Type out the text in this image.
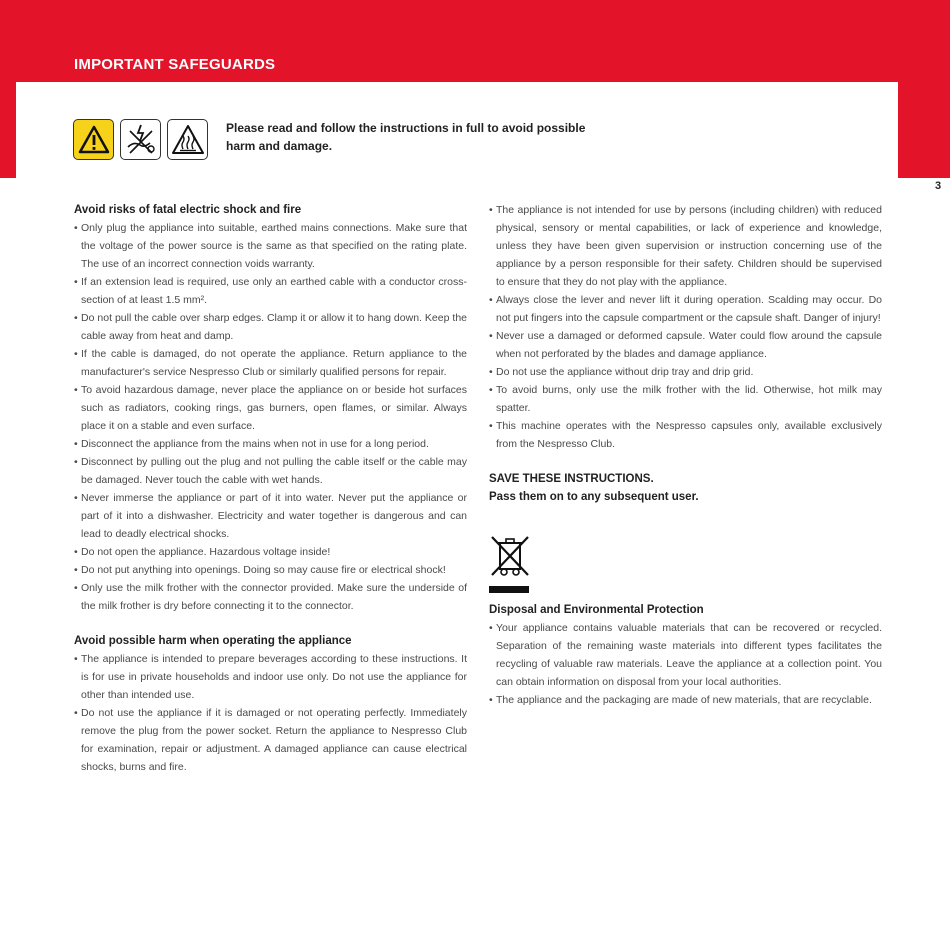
IMPORTANT SAFEGUARDS
3
Please read and follow the instructions in full to avoid possible harm and damage.
Avoid risks of fatal electric shock and fire
• Only plug the appliance into suitable, earthed mains connections. Make sure that the voltage of the power source is the same as that specified on the rating plate. The use of an incorrect connection voids warranty.
• If an extension lead is required, use only an earthed cable with a conductor cross-section of at least 1.5 mm².
• Do not pull the cable over sharp edges. Clamp it or allow it to hang down. Keep the cable away from heat and damp.
• If the cable is damaged, do not operate the appliance. Return appliance to the manufacturer's service Nespresso Club or similarly qualified persons for repair.
• To avoid hazardous damage, never place the appliance on or beside hot surfaces such as radiators, cooking rings, gas burners, open flames, or similar. Always place it on a stable and even surface.
• Disconnect the appliance from the mains when not in use for a long period.
• Disconnect by pulling out the plug and not pulling the cable itself or the cable may be damaged. Never touch the cable with wet hands.
• Never immerse the appliance or part of it into water. Never put the appliance or part of it into a dishwasher. Electricity and water together is dangerous and can lead to deadly electrical shocks.
• Do not open the appliance. Hazardous voltage inside!
• Do not put anything into openings. Doing so may cause fire or electrical shock!
• Only use the milk frother with the connector provided. Make sure the underside of the milk frother is dry before connecting it to the connector.
Avoid possible harm when operating the appliance
• The appliance is intended to prepare beverages according to these instructions. It is for use in private households and indoor use only. Do not use the appliance for other than intended use.
• Do not use the appliance if it is damaged or not operating perfectly. Immediately remove the plug from the power socket. Return the appliance to Nespresso Club for examination, repair or adjustment. A damaged appliance can cause electrical shocks, burns and fire.
• The appliance is not intended for use by persons (including children) with reduced physical, sensory or mental capabilities, or lack of experience and knowledge, unless they have been given supervision or instruction concerning use of the appliance by a person responsible for their safety. Children should be supervised to ensure that they do not play with the appliance.
• Always close the lever and never lift it during operation. Scalding may occur. Do not put fingers into the capsule compartment or the capsule shaft. Danger of injury!
• Never use a damaged or deformed capsule. Water could flow around the capsule when not perforated by the blades and damage appliance.
• Do not use the appliance without drip tray and drip grid.
• To avoid burns, only use the milk frother with the lid. Otherwise, hot milk may spatter.
• This machine operates with the Nespresso capsules only, available exclusively from the Nespresso Club.
SAVE THESE INSTRUCTIONS.
Pass them on to any subsequent user.
Disposal and Environmental Protection
• Your appliance contains valuable materials that can be recovered or recycled. Separation of the remaining waste materials into different types facilitates the recycling of valuable raw materials. Leave the appliance at a collection point. You can obtain information on disposal from your local authorities.
• The appliance and the packaging are made of new materials, that are recyclable.
